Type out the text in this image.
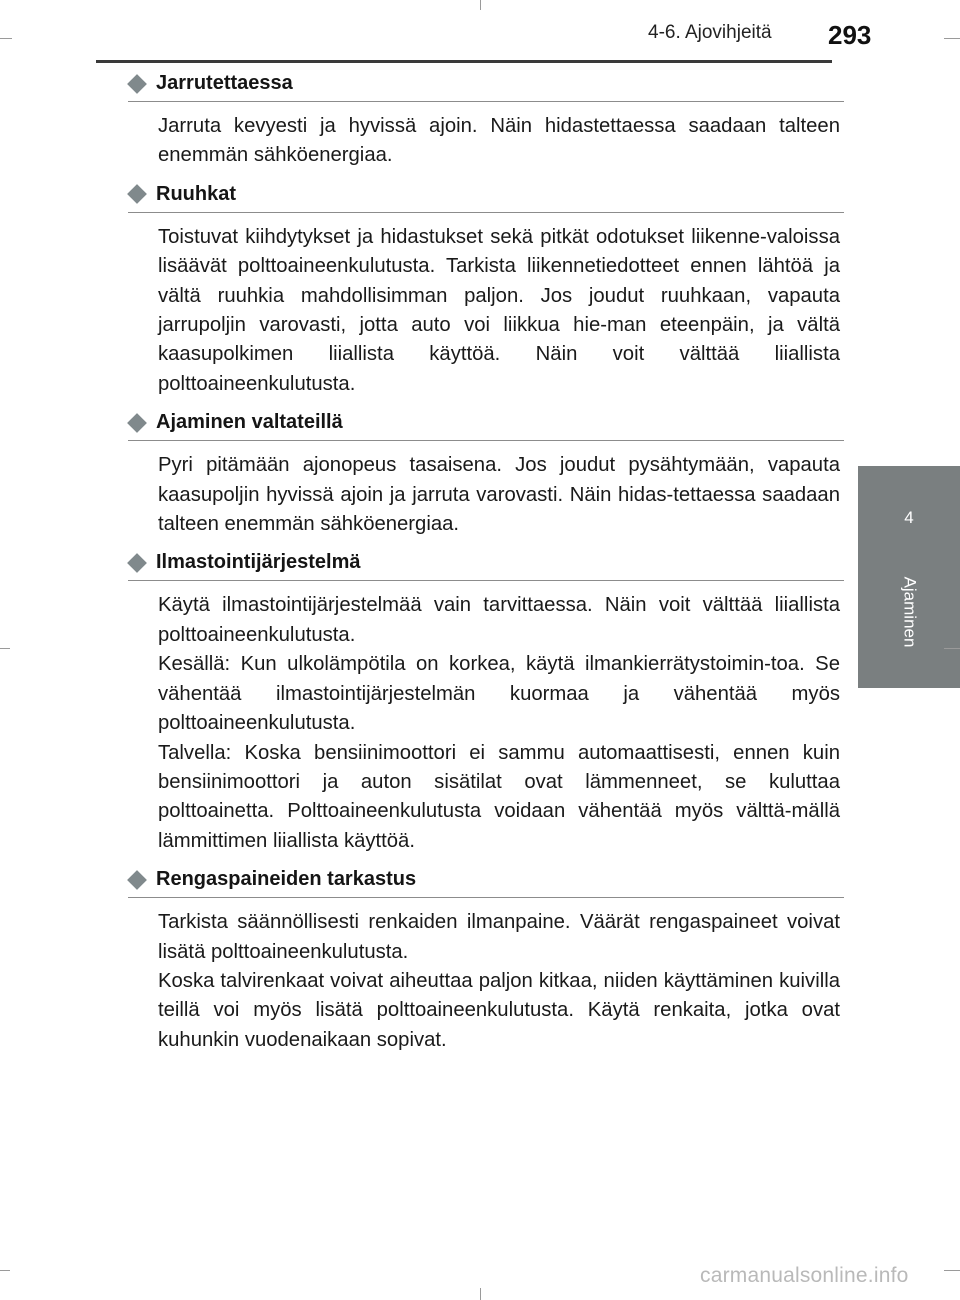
4-6. Ajovihjeitä 293
4
Ajaminen
Jarrutettaessa

Jarruta kevyesti ja hyvissä ajoin. Näin hidastettaessa saadaan talteen enemmän sähköenergiaa.

Ruuhkat

Toistuvat kiihdytykset ja hidastukset sekä pitkät odotukset liikenne-valoissa lisäävät polttoaineenkulutusta. Tarkista liikennetiedotteet ennen lähtöä ja vältä ruuhkia mahdollisimman paljon. Jos joudut ruuhkaan, vapauta jarrupoljin varovasti, jotta auto voi liikkua hie-man eteenpäin, ja vältä kaasupolkimen liiallista käyttöä. Näin voit välttää liiallista polttoaineenkulutusta.

Ajaminen valtateillä

Pyri pitämään ajonopeus tasaisena. Jos joudut pysähtymään, vapauta kaasupoljin hyvissä ajoin ja jarruta varovasti. Näin hidas-tettaessa saadaan talteen enemmän sähköenergiaa.

Ilmastointijärjestelmä

Käytä ilmastointijärjestelmää vain tarvittaessa. Näin voit välttää liiallista polttoaineenkulutusta.

Kesällä: Kun ulkolämpötila on korkea, käytä ilmankierrätystoimin-toa. Se vähentää ilmastointijärjestelmän kuormaa ja vähentää myös polttoaineenkulutusta.

Talvella: Koska bensiinimoottori ei sammu automaattisesti, ennen kuin bensiinimoottori ja auton sisätilat ovat lämmenneet, se kuluttaa polttoainetta. Polttoaineenkulutusta voidaan vähentää myös välttä-mällä lämmittimen liiallista käyttöä.

Rengaspaineiden tarkastus

Tarkista säännöllisesti renkaiden ilmanpaine. Väärät rengaspaineet voivat lisätä polttoaineenkulutusta.

Koska talvirenkaat voivat aiheuttaa paljon kitkaa, niiden käyttäminen kuivilla teillä voi myös lisätä polttoaineenkulutusta. Käytä renkaita, jotka ovat kuhunkin vuodenaikaan sopivat.

carmanualsonline.info
